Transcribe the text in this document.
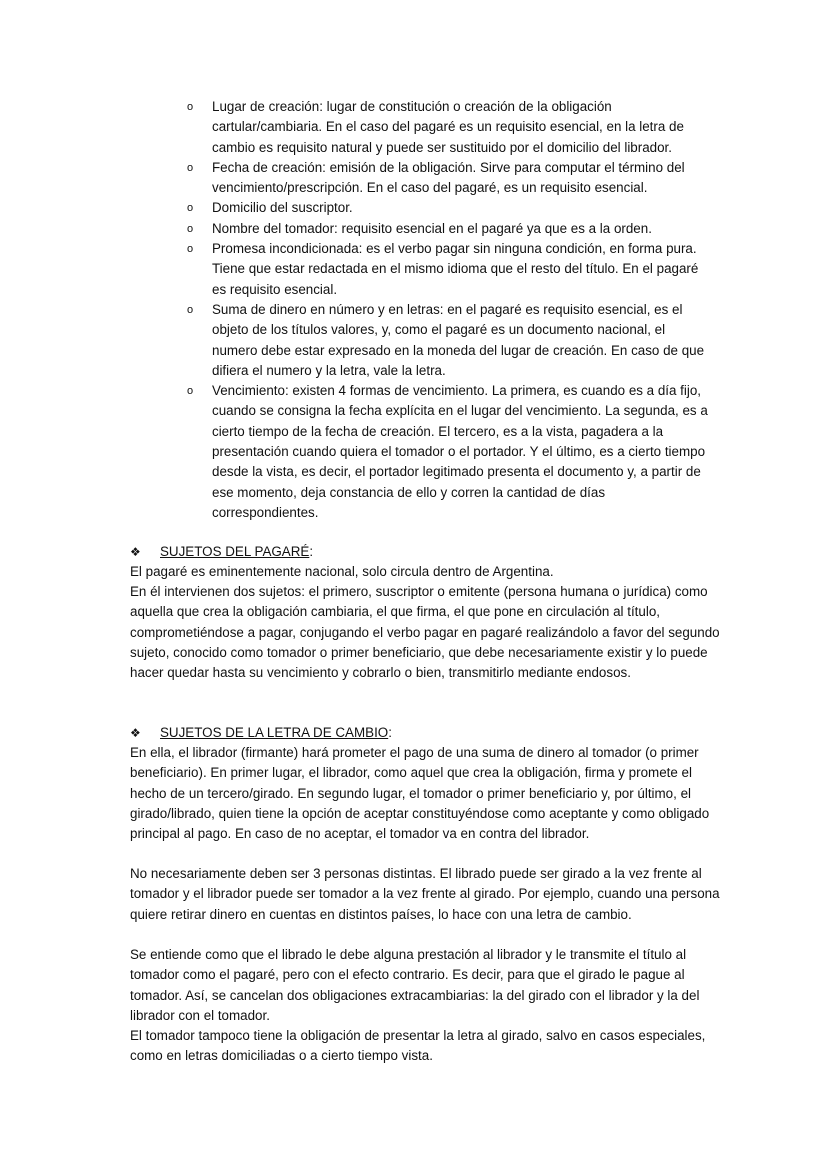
o Lugar de creación: lugar de constitución o creación de la obligación cartular/cambiaria. En el caso del pagaré es un requisito esencial, en la letra de cambio es requisito natural y puede ser sustituido por el domicilio del librador.
o Fecha de creación: emisión de la obligación. Sirve para computar el término del vencimiento/prescripción. En el caso del pagaré, es un requisito esencial.
o Domicilio del suscriptor.
o Nombre del tomador: requisito esencial en el pagaré ya que es a la orden.
o Promesa incondicionada: es el verbo pagar sin ninguna condición, en forma pura. Tiene que estar redactada en el mismo idioma que el resto del título. En el pagaré es requisito esencial.
o Suma de dinero en número y en letras: en el pagaré es requisito esencial, es el objeto de los títulos valores, y, como el pagaré es un documento nacional, el numero debe estar expresado en la moneda del lugar de creación. En caso de que difiera el numero y la letra, vale la letra.
o Vencimiento: existen 4 formas de vencimiento. La primera, es cuando es a día fijo, cuando se consigna la fecha explícita en el lugar del vencimiento. La segunda, es a cierto tiempo de la fecha de creación. El tercero, es a la vista, pagadera a la presentación cuando quiera el tomador o el portador. Y el último, es a cierto tiempo desde la vista, es decir, el portador legitimado presenta el documento y, a partir de ese momento, deja constancia de ello y corren la cantidad de días correspondientes.

❖ SUJETOS DEL PAGARÉ:

El pagaré es eminentemente nacional, solo circula dentro de Argentina.

En él intervienen dos sujetos: el primero, suscriptor o emitente (persona humana o jurídica) como aquella que crea la obligación cambiaria, el que firma, el que pone en circulación al título, comprometiéndose a pagar, conjugando el verbo pagar en pagaré realizándolo a favor del segundo sujeto, conocido como tomador o primer beneficiario, que debe necesariamente existir y lo puede hacer quedar hasta su vencimiento y cobrarlo o bien, transmitirlo mediante endosos.

❖ SUJETOS DE LA LETRA DE CAMBIO:

En ella, el librador (firmante) hará prometer el pago de una suma de dinero al tomador (o primer beneficiario). En primer lugar, el librador, como aquel que crea la obligación, firma y promete el hecho de un tercero/girado. En segundo lugar, el tomador o primer beneficiario y, por último, el girado/librado, quien tiene la opción de aceptar constituyéndose como aceptante y como obligado principal al pago. En caso de no aceptar, el tomador va en contra del librador.

No necesariamente deben ser 3 personas distintas. El librado puede ser girado a la vez frente al tomador y el librador puede ser tomador a la vez frente al girado. Por ejemplo, cuando una persona quiere retirar dinero en cuentas en distintos países, lo hace con una letra de cambio.

Se entiende como que el librado le debe alguna prestación al librador y le transmite el título al tomador como el pagaré, pero con el efecto contrario. Es decir, para que el girado le pague al tomador. Así, se cancelan dos obligaciones extracambiarias: la del girado con el librador y la del librador con el tomador.

El tomador tampoco tiene la obligación de presentar la letra al girado, salvo en casos especiales, como en letras domiciliadas o a cierto tiempo vista.
